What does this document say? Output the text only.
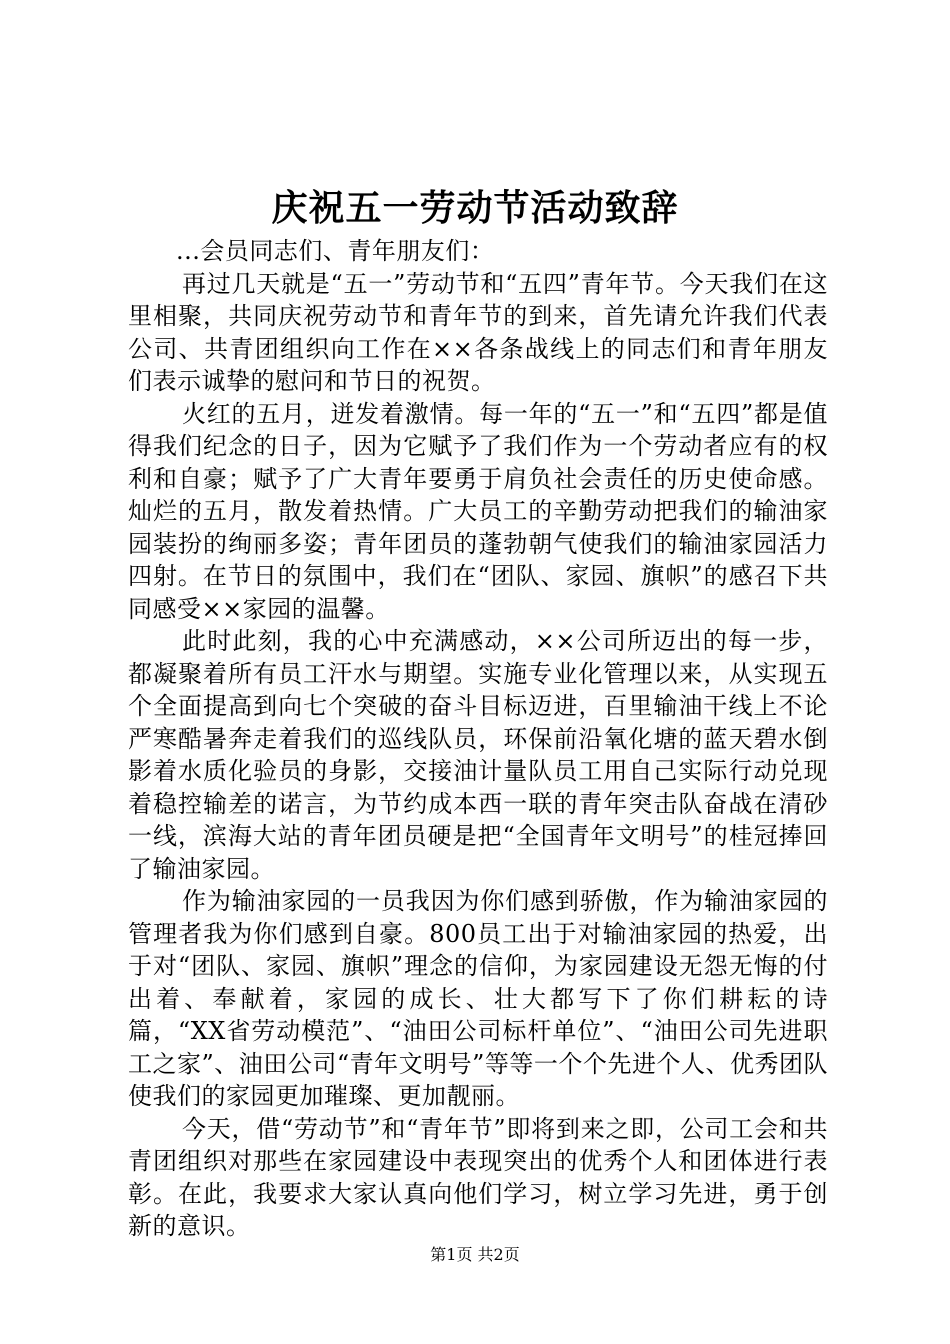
庆祝五一劳动节活动致辞

...会员同志们、青年朋友们：

再过几天就是“五一”劳动节和“五四”青年节。今天我们在这里相聚，共同庆祝劳动节和青年节的到来，首先请允许我们代表公司、共青团组织向工作在××各条战线上的同志们和青年朋友们表示诚挚的慰问和节日的祝贺。

火红的五月，迸发着激情。每一年的“五一”和“五四”都是值得我们纪念的日子，因为它赋予了我们作为一个劳动者应有的权利和自豪；赋予了广大青年要勇于肩负社会责任的历史使命感。灿烂的五月，散发着热情。广大员工的辛勤劳动把我们的输油家园装扮的绚丽多姿；青年团员的蓬勃朝气使我们的输油家园活力四射。在节日的氛围中，我们在“团队、家园、旗帜”的感召下共同感受××家园的温馨。

此时此刻，我的心中充满感动，××公司所迈出的每一步，都凝聚着所有员工汗水与期望。实施专业化管理以来，从实现五个全面提高到向七个突破的奋斗目标迈进，百里输油干线上不论严寒酷暑奔走着我们的巡线队员，环保前沿氧化塘的蓝天碧水倒影着水质化验员的身影，交接油计量队员工用自己实际行动兑现着稳控输差的诺言，为节约成本西一联的青年突击队奋战在清砂一线，滨海大站的青年团员硬是把“全国青年文明号”的桂冠捧回了输油家园。

作为输油家园的一员我因为你们感到骄傲，作为输油家园的管理者我为你们感到自豪。800员工出于对输油家园的热爱，出于对“团队、家园、旗帜”理念的信仰，为家园建设无怨无悔的付出着、奉献着，家园的成长、壮大都写下了你们耕耘的诗篇，“XX省劳动模范”、“油田公司标杆单位”、“油田公司先进职工之家”、油田公司“青年文明号”等等一个个先进个人、优秀团队使我们的家园更加璀璨、更加靓丽。

今天，借“劳动节”和“青年节”即将到来之即，公司工会和共青团组织对那些在家园建设中表现突出的优秀个人和团体进行表彰。在此，我要求大家认真向他们学习，树立学习先进，勇于创新的意识。

第1页 共2页
